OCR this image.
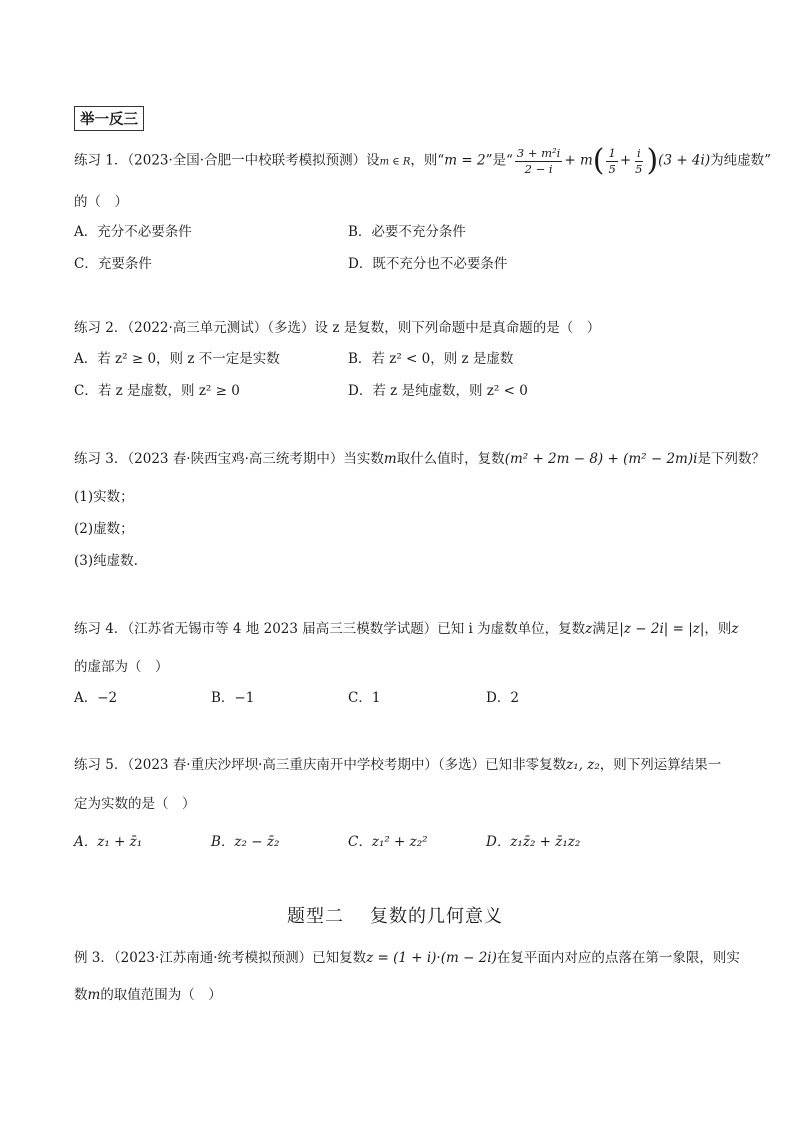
举一反三
练习 1．（2023·全国·合肥一中校联考模拟预测）设m ∈ R，则“m = 2”是“ $\frac{\text{3 + m²i}}{2 - i} + m( \frac{1}{5} + \frac{i}{5} )(3 + 4i)$为纯虚数”
的（　）
A．充分不必要条件	B．必要不充分条件
C．充要条件	D．既不充分也不必要条件
练习 2．（2022·高三单元测试）（多选）设 z 是复数，则下列命题中是真命题的是（　）
A．若 z² ≥ 0，则 z 不一定是实数	B．若 z² < 0，则 z 是虚数
C．若 z 是虚数，则 z² ≥ 0	D．若 z 是纯虚数，则 z² < 0
练习 3．（2023 春·陕西宝鸡·高三统考期中）当实数m取什么值时，复数(m² + 2m − 8) + (m² − 2m)i是下列数？
(1)实数；
(2)虚数；
(3)纯虚数.
练习 4．（江苏省无锡市等 4 地 2023 届高三三模数学试题）已知 i 为虚数单位，复数z满足|z − 2i| = |z|，则z
的虚部为（　）
A．−2	B．−1	C．1	D．2
练习 5．（2023 春·重庆沙坪坝·高三重庆南开中学校考期中）（多选）已知非零复数z₁, z₂，则下列运算结果一
定为实数的是（　）
A．z₁ + z̄₁	B．z₂ − z̄₂	C．z₁² + z₂²	D．z₁z̄₂ + z̄₁z₂
题型二 复数的几何意义
例 3．（2023·江苏南通·统考模拟预测）已知复数z = (1 + i)·(m − 2i)在复平面内对应的点落在第一象限，则实
数m的取值范围为（　）
